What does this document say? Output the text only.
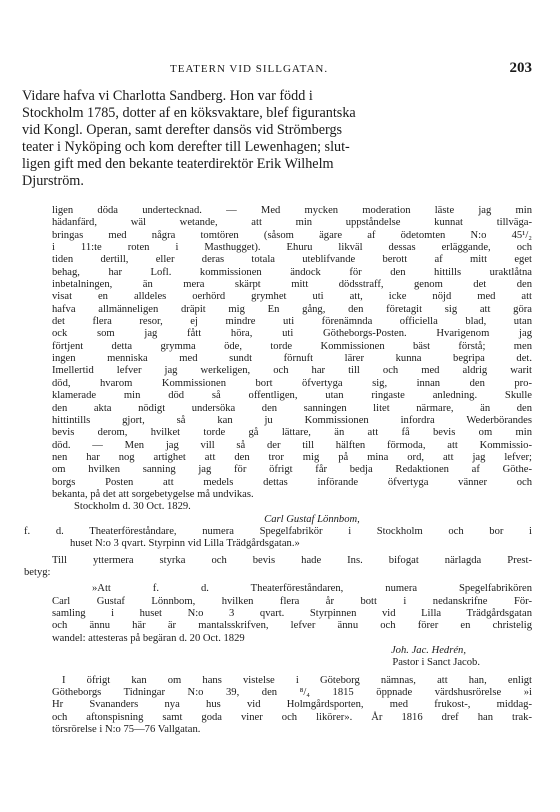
TEATERN VID SILLGATAN.	203
Vidare hafva vi Charlotta Sandberg. Hon var född i
Stockholm 1785, dotter af en köksvaktare, blef figurantska
vid Kongl. Operan, samt derefter dansös vid Strömbergs
teater i Nyköping och kom derefter till Lewenhagen; slut-
ligen gift med den bekante teaterdirektör Erik Wilhelm
Djurström.
ligen döda undertecknad. — Med mycken moderation läste jag min
hädanfärd, wäl wetande, att min uppståndelse kunnat tillväga-
bringas med några tomtören (såsom ägare af ödetomten N:o 45¹/₂
i 11:te roten i Masthugget). Ehuru likväl dessas erläggande, och
tiden dertill, eller deras totala uteblifvande berott af mitt eget
behag, har Lofl. kommissionen ändock för den hittills uraktlåtna
inbetalningen, än mera skärpt mitt dödsstraff, genom det den
visat en alldeles oerhörd grymhet uti att, icke nöjd med att
hafva allmänneligen dräpit mig En gång, den företagit sig att göra
det flera resor, ej mindre uti förenämnda officiella blad, utan
ock som jag fått höra, uti Götheborgs-Posten. Hvarigenom jag
förtjent detta grymma öde, torde Kommissionen bäst förstå; men
ingen menniska med sundt förnuft lärer kunna begripa det.
Imellertid lefver jag werkeligen, och har till och med aldrig warit
död, hvarom Kommissionen bort öfvertyga sig, innan den pro-
klamerade min död så offentligen, utan ringaste anledning. Skulle
den akta nödigt undersöka den sanningen litet närmare, än den
hittintills gjort, så kan ju Kommissionen infordra Wederbörandes
bevis derom, hvilket torde gå lättare, än att få bevis om min
död. — Men jag vill så der till hälften förmoda, att Kommissio-
nen har nog artighet att den tror mig på mina ord, att jag lefver;
om hvilken sanning jag för öfrigt får bedja Redaktionen af Göthe-
borgs Posten att medels dettas införande öfvertyga vänner och
bekanta, på det att sorgebetygelse må undvikas.
Stockholm d. 30 Oct. 1829.
Carl Gustaf Lönnbom,
f. d. Theaterföreståndare, numera Spegelfabrikör i Stockholm och bor i
huset N:o 3 qvart. Styrpinn vid Lilla Trädgårdsgatan.»
Till yttermera styrka och bevis hade Ins. bifogat närlagda Prest-
betyg:
»Att f. d. Theaterföreståndaren, numera Spegelfabrikören
Carl Gustaf Lönnbom, hvilken flera år bott i nedanskrifne För-
samling i huset N:o 3 qvart. Styrpinnen vid Lilla Trädgårdsgatan
och ännu här är mantalsskrifven, lefver ännu och förer en christelig
wandel: attesteras på begäran d. 20 Oct. 1829
Joh. Jac. Hedrén,
Pastor i Sanct Jacob.
I öfrigt kan om hans vistelse i Göteborg nämnas, att han, enligt
Götheborgs Tidningar N:o 39, den ⁸/₄ 1815 öppnade värdshusrörelse »i
Hr Svananders nya hus vid Holmgårdsporten, med frukost-, middag-
och aftonspisning samt goda viner och likörer». År 1816 dref han trak-
törsrörelse i N:o 75—76 Vallgatan.
